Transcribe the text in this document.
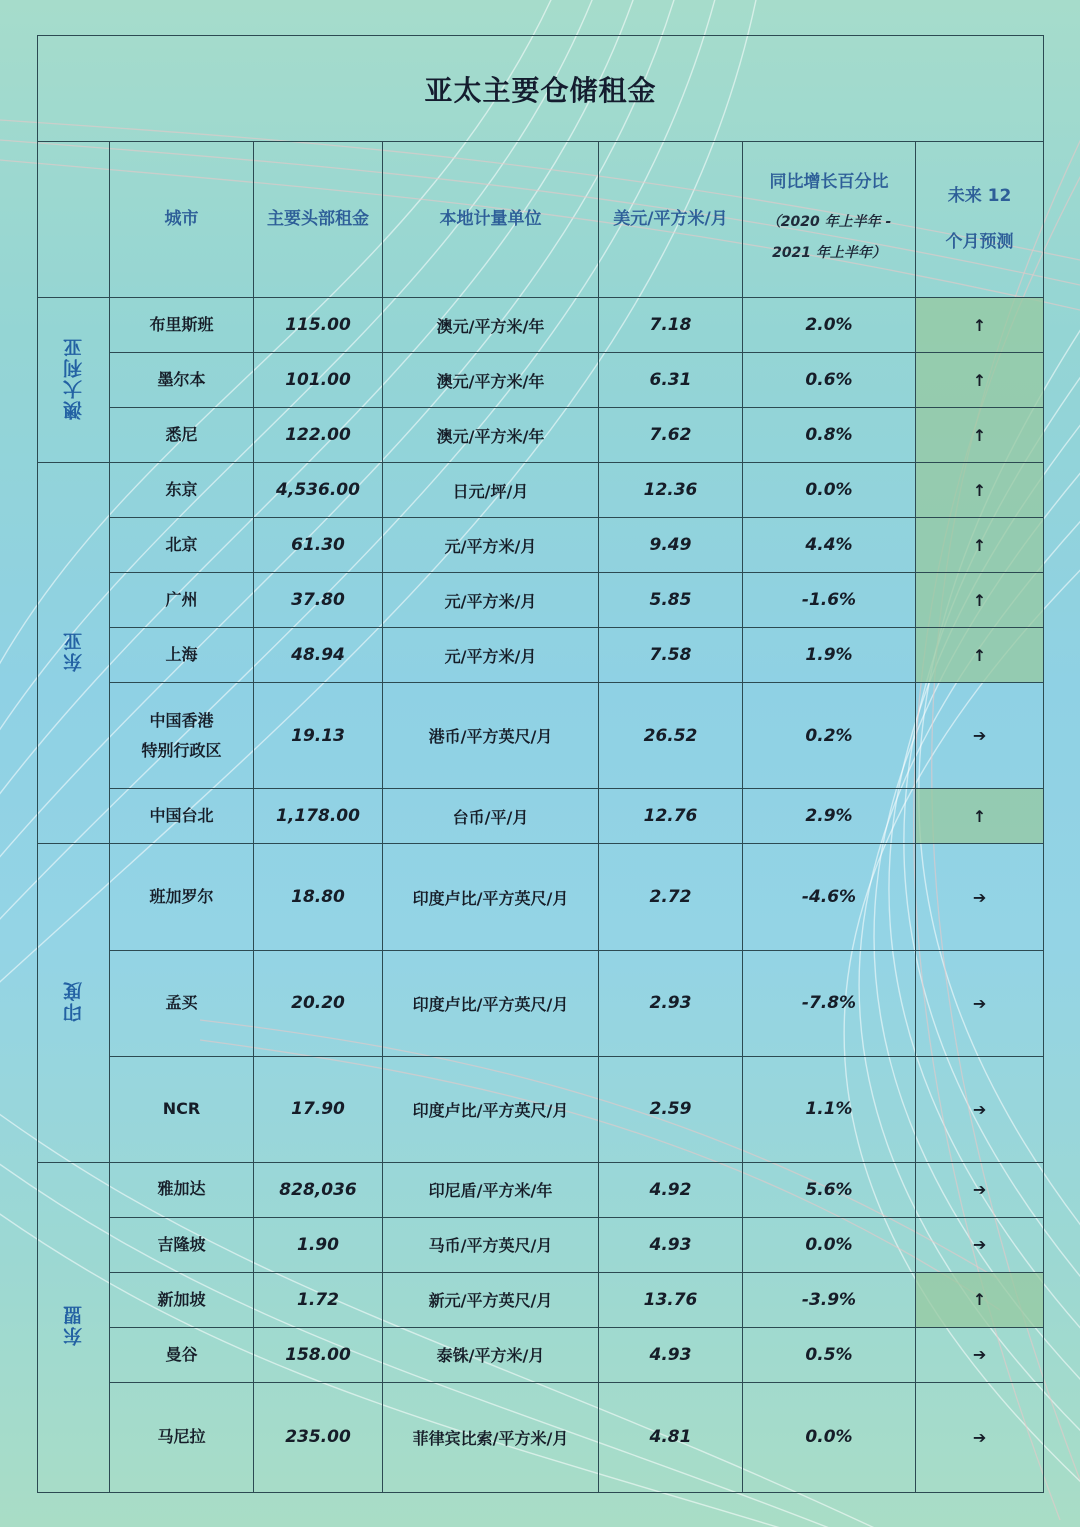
亚太主要仓储租金						
	城市	主要头部租金	本地计量单位	美元/平方米/月	同比增长百分比
（2020 年上半年 -
2021 年上半年）	未来 12
个月预测

澳大利亚	布里斯班	115.00	澳元/平方米/年	7.18	2.0%	↑
	墨尔本	101.00	澳元/平方米/年	6.31	0.6%	↑
	悉尼	122.00	澳元/平方米/年	7.62	0.8%	↑
东亚	东京	4,536.00	日元/坪/月	12.36	0.0%	↑
	北京	61.30	元/平方米/月	9.49	4.4%	↑
	广州	37.80	元/平方米/月	5.85	-1.6%	↑
	上海	48.94	元/平方米/月	7.58	1.9%	↑
	中国香港
特别行政区	19.13	港币/平方英尺/月	26.52	0.2%	➔
	中国台北	1,178.00	台币/平/月	12.76	2.9%	↑
印度	班加罗尔	18.80	印度卢比/平方英尺/月	2.72	-4.6%	➔
	孟买	20.20	印度卢比/平方英尺/月	2.93	-7.8%	➔
	NCR	17.90	印度卢比/平方英尺/月	2.59	1.1%	➔
东盟	雅加达	828,036	印尼盾/平方米/年	4.92	5.6%	➔
	吉隆坡	1.90	马币/平方英尺/月	4.93	0.0%	➔
	新加坡	1.72	新元/平方英尺/月	13.76	-3.9%	↑
	曼谷	158.00	泰铢/平方米/月	4.93	0.5%	➔
	马尼拉	235.00	菲律宾比索/平方米/月	4.81	0.0%	➔
